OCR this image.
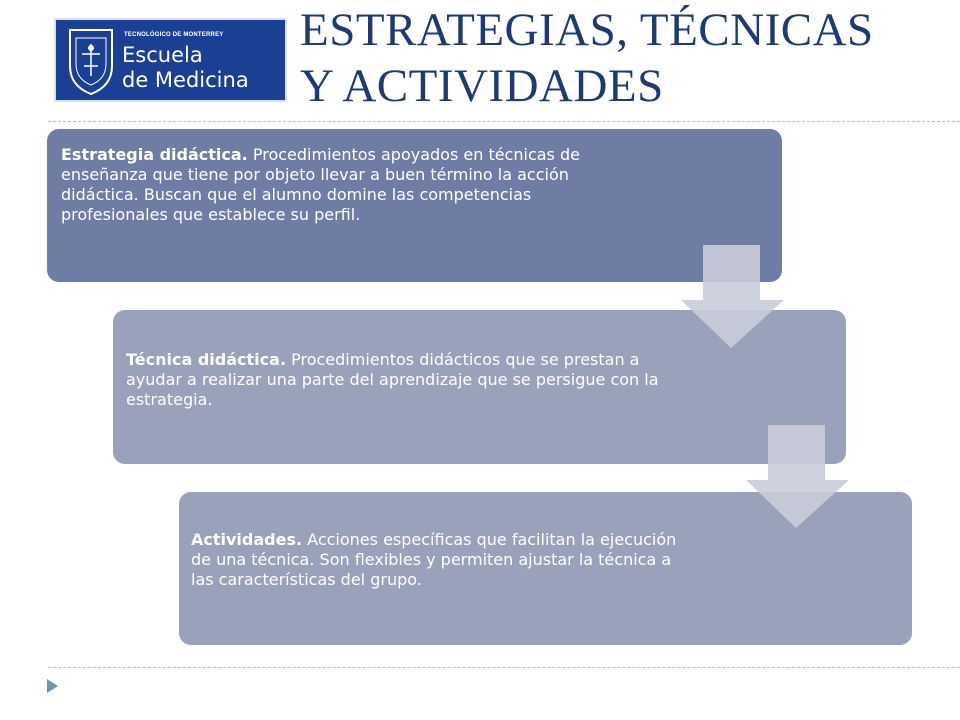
TECNOLÓGICO DE MONTERREY
Escuela
de Medicina
ESTRATEGIAS, TÉCNICAS
Y ACTIVIDADES
Estrategia didáctica. Procedimientos apoyados en técnicas de enseñanza que tiene por objeto llevar a buen término la acción didáctica. Buscan que el alumno domine las competencias profesionales que establece su perfil.
Técnica didáctica. Procedimientos didácticos que se prestan a ayudar a realizar una parte del aprendizaje que se persigue con la estrategia.
Actividades. Acciones específicas que facilitan la ejecución de una técnica. Son flexibles y permiten ajustar la técnica a las características del grupo.
